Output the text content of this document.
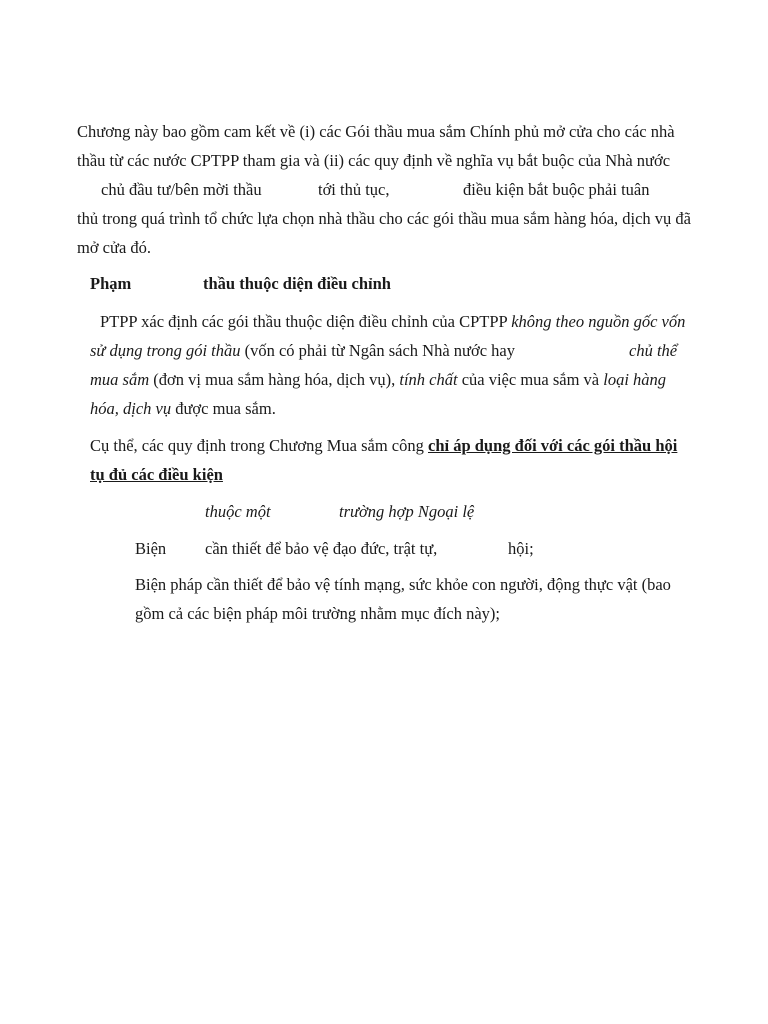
Chương này bao gồm cam kết về (i) các Gói thầu mua sắm Chính phủ mở cửa cho các nhà
thầu từ các nước CPTPP tham gia và (ii) các quy định về nghĩa vụ bắt buộc của Nhà nước
chủ đầu tư/bên mời thầu	tới thủ tục,	điều kiện bắt buộc phải tuân
thủ trong quá trình tổ chức lựa chọn nhà thầu cho các gói thầu mua sắm hàng hóa, dịch vụ đã
mở cửa đó.
Phạm	thầu thuộc diện điều chỉnh
PTPP xác định các gói thầu thuộc diện điều chỉnh của CPTPP không theo nguồn gốc vốn
sử dụng trong gói thầu (vốn có phải từ Ngân sách Nhà nước hay	chủ thể
mua sắm (đơn vị mua sắm hàng hóa, dịch vụ), tính chất của việc mua sắm và loại hàng
hóa, dịch vụ được mua sắm.
Cụ thể, các quy định trong Chương Mua sắm công chỉ áp dụng đối với các gói thầu hội
tụ đủ các điều kiện
thuộc một	trường hợp Ngoại lệ
Biện cần thiết để bảo vệ đạo đức, trật tự,	hội;
Biện pháp cần thiết để bảo vệ tính mạng, sức khỏe con người, động thực vật (bao
gồm cả các biện pháp môi trường nhằm mục đích này);
